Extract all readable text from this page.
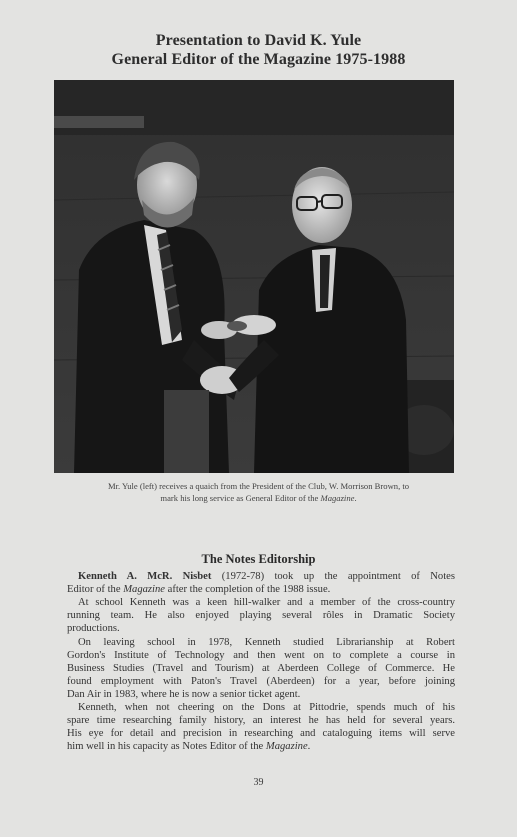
Presentation to David K. Yule
General Editor of the Magazine 1975-1988
Mr. Yule (left) receives a quaich from the President of the Club, W. Morrison Brown, to
mark his long service as General Editor of the Magazine.
The Notes Editorship
Kenneth A. McR. Nisbet (1972-78) took up the appointment of Notes
Editor of the Magazine after the completion of the 1988 issue.
At school Kenneth was a keen hill-walker and a member of the cross-country
running team. He also enjoyed playing several rôles in Dramatic Society
productions.
On leaving school in 1978, Kenneth studied Librarianship at Robert
Gordon's Institute of Technology and then went on to complete a course in
Business Studies (Travel and Tourism) at Aberdeen College of Commerce. He
found employment with Paton's Travel (Aberdeen) for a year, before joining
Dan Air in 1983, where he is now a senior ticket agent.
Kenneth, when not cheering on the Dons at Pittodrie, spends much of his
spare time researching family history, an interest he has held for several years.
His eye for detail and precision in researching and cataloguing items will serve
him well in his capacity as Notes Editor of the Magazine.
39
